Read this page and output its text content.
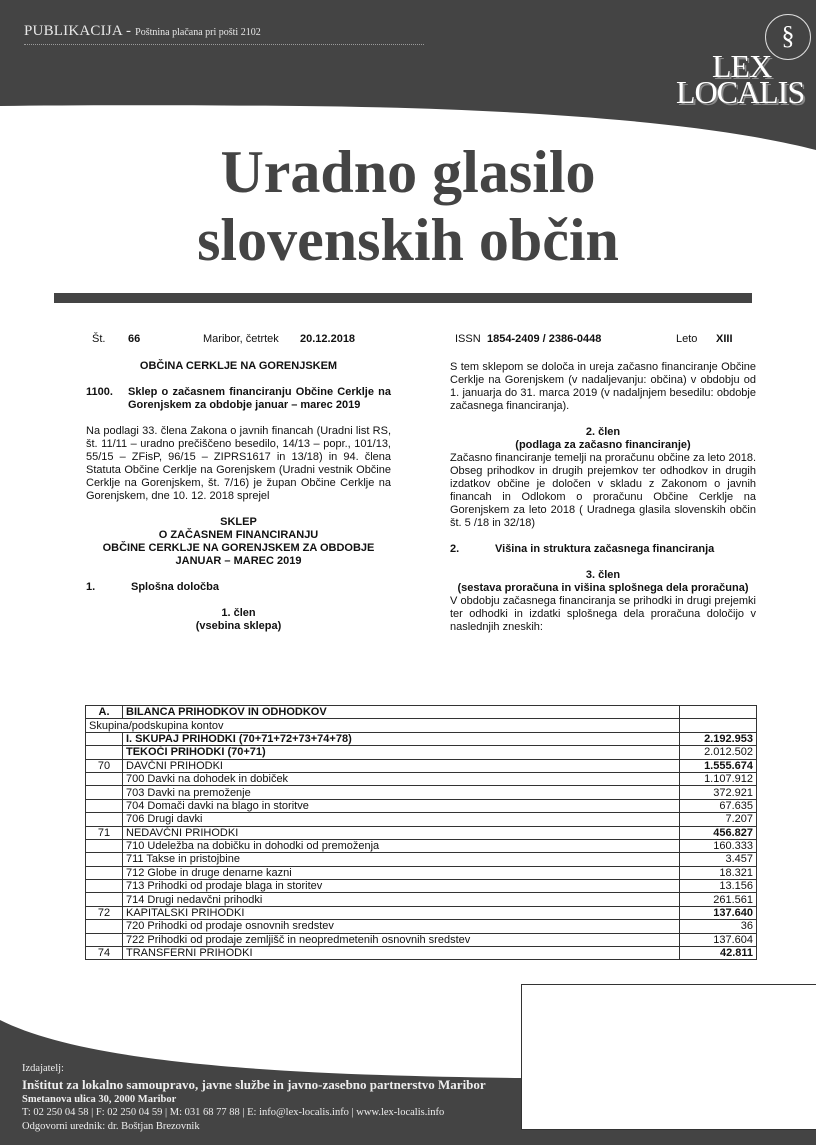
PUBLIKACIJA - Poštnina plačana pri pošti 2102	§
LEX
LOCALIS
Uradno glasilo
slovenskih občin
Št. 66	Maribor, četrtek 20.12.2018	ISSN 1854-2409 / 2386-0448	Leto XIII
OBČINA CERKLJE NA GORENJSKEM
1100.	Sklep o začasnem financiranju Občine Cerklje na Gorenjskem za obdobje januar – marec 2019
Na podlagi 33. člena Zakona o javnih financah (Uradni list RS, št. 11/11 – uradno prečiščeno besedilo, 14/13 – popr., 101/13, 55/15 – ZFisP, 96/15 – ZIPRS1617 in 13/18) in 94. člena Statuta Občine Cerklje na Gorenjskem (Uradni vestnik Občine Cerklje na Gorenjskem, št. 7/16) je župan Občine Cerklje na Gorenjskem, dne 10. 12. 2018 sprejel
SKLEP
O ZAČASNEM FINANCIRANJU
OBČINE CERKLJE NA GORENJSKEM ZA OBDOBJE
JANUAR – MAREC 2019
1.	Splošna določba
1. člen
(vsebina sklepa)
S tem sklepom se določa in ureja začasno financiranje Občine Cerklje na Gorenjskem (v nadaljevanju: občina) v obdobju od 1. januarja do 31. marca 2019 (v nadaljnjem besedilu: obdobje začasnega financiranja).
2. člen
(podlaga za začasno financiranje)
Začasno financiranje temelji na proračunu občine za leto 2018. Obseg prihodkov in drugih prejemkov ter odhodkov in drugih izdatkov občine je določen v skladu z Zakonom o javnih financah in Odlokom o proračunu Občine Cerklje na Gorenjskem za leto 2018 ( Uradnega glasila slovenskih občin št. 5 /18 in 32/18)
2.	Višina in struktura začasnega financiranja
3. člen
(sestava proračuna in višina splošnega dela proračuna)
V obdobju začasnega financiranja se prihodki in drugi prejemki ter odhodki in izdatki splošnega dela proračuna določijo v naslednjih zneskih:
A.	BILANCA PRIHODKOV IN ODHODKOV	
Skupina/podskupina kontov		
	I. SKUPAJ PRIHODKI (70+71+72+73+74+78)	2.192.953
	TEKOČI PRIHODKI (70+71)	2.012.502
70	DAVČNI PRIHODKI	1.555.674
	700 Davki na dohodek in dobiček	1.107.912
	703 Davki na premoženje	372.921
	704 Domači davki na blago in storitve	67.635
	706 Drugi davki	7.207
71	NEDAVČNI PRIHODKI	456.827
	710 Udeležba na dobičku in dohodki od premoženja	160.333
	711 Takse in pristojbine	3.457
	712 Globe in druge denarne kazni	18.321
	713 Prihodki od prodaje blaga in storitev	13.156
	714 Drugi nedavčni prihodki	261.561
72	KAPITALSKI PRIHODKI	137.640
	720 Prihodki od prodaje osnovnih sredstev	36
	722 Prihodki od prodaje zemljišč in neopredmetenih osnovnih sredstev	137.604
74	TRANSFERNI PRIHODKI	42.811
Izdajatelj:
Inštitut za lokalno samoupravo, javne službe in javno-zasebno partnerstvo Maribor
Smetanova ulica 30, 2000 Maribor
T: 02 250 04 58 | F: 02 250 04 59 | M: 031 68 77 88 | E: info@lex-locali​s.info | www.lex-localis.info
Odgovorni urednik: dr. Boštjan Brezovnik
